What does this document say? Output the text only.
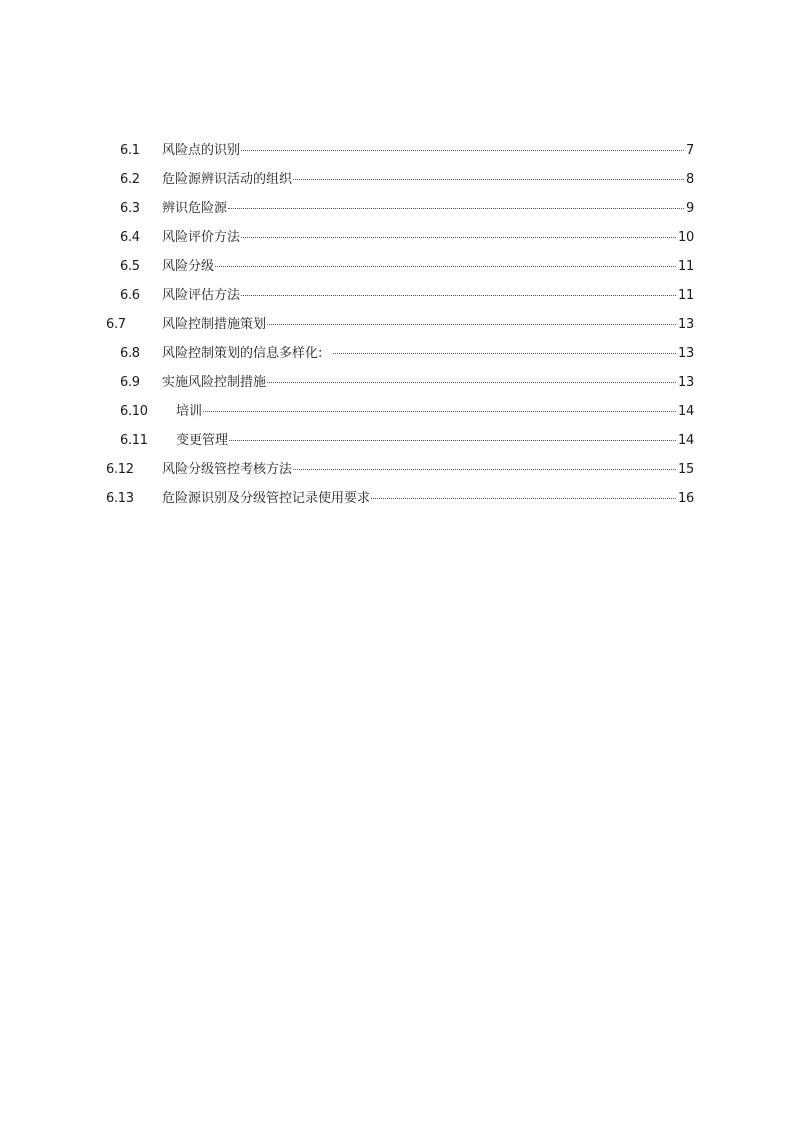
6.1 风险点的识别	7
6.2 危险源辨识活动的组织	8
6.3 辨识危险源	9
6.4 风险评价方法	10
6.5 风险分级	11
6.6 风险评估方法	11
6.7	风险控制措施策划	13
6.8 风险控制策划的信息多样化:	13
6.9 实施风险控制措施	13
6.10 培训	14
6.11 变更管理	14
6.12 风险分级管控考核方法	15
6.13 危险源识别及分级管控记录使用要求	16
